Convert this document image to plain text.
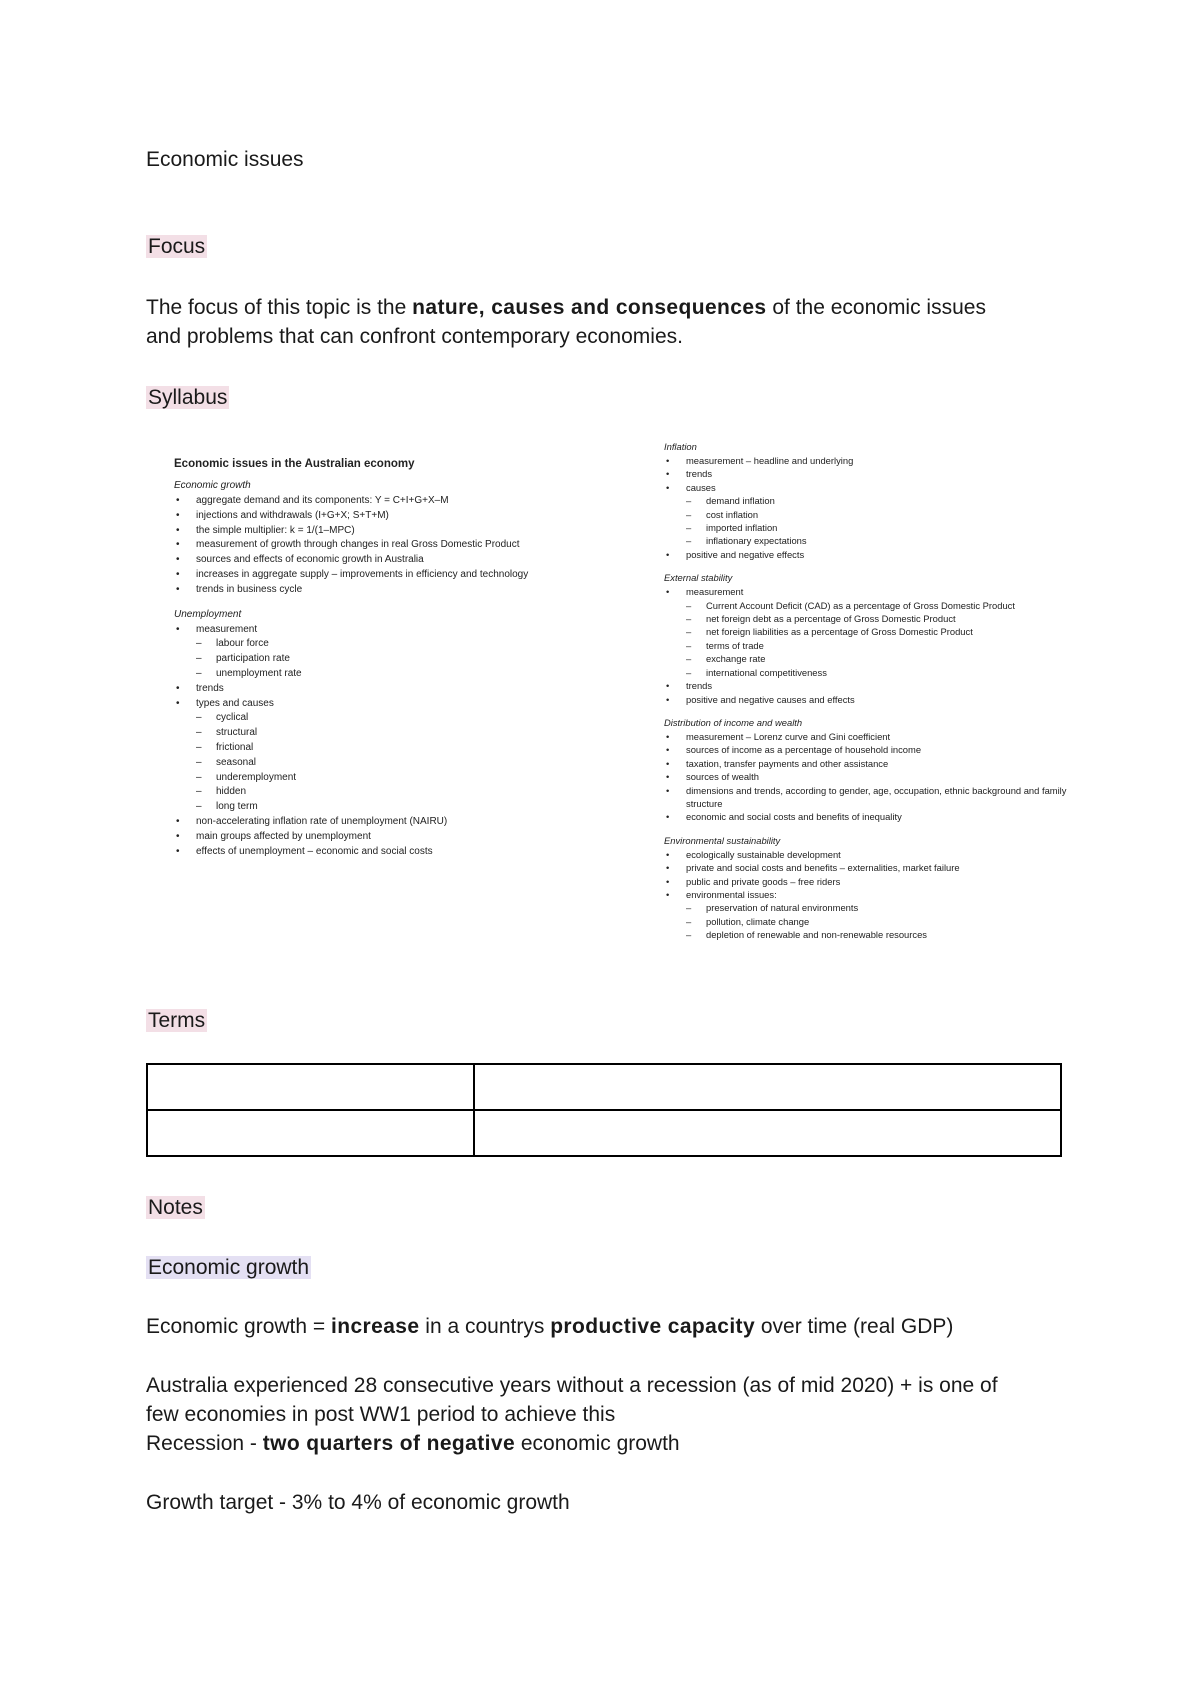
Economic issues
Focus
The focus of this topic is the nature, causes and consequences of the economic issues
and problems that can confront contemporary economies.
Syllabus
Economic issues in the Australian economy
Economic growth
• aggregate demand and its components: Y = C+I+G+X–M
• injections and withdrawals (I+G+X; S+T+M)
• the simple multiplier: k = 1/(1–MPC)
• measurement of growth through changes in real Gross Domestic Product
• sources and effects of economic growth in Australia
• increases in aggregate supply – improvements in efficiency and technology
• trends in business cycle
Unemployment
• measurement
– labour force
– participation rate
– unemployment rate
• trends
• types and causes
– cyclical
– structural
– frictional
– seasonal
– underemployment
– hidden
– long term
• non-accelerating inflation rate of unemployment (NAIRU)
• main groups affected by unemployment
• effects of unemployment – economic and social costs
Inflation
• measurement – headline and underlying
• trends
• causes
– demand inflation
– cost inflation
– imported inflation
– inflationary expectations
• positive and negative effects
External stability
• measurement
– Current Account Deficit (CAD) as a percentage of Gross Domestic Product
– net foreign debt as a percentage of Gross Domestic Product
– net foreign liabilities as a percentage of Gross Domestic Product
– terms of trade
– exchange rate
– international competitiveness
• trends
• positive and negative causes and effects
Distribution of income and wealth
• measurement – Lorenz curve and Gini coefficient
• sources of income as a percentage of household income
• taxation, transfer payments and other assistance
• sources of wealth
• dimensions and trends, according to gender, age, occupation, ethnic background and family structure
• economic and social costs and benefits of inequality
Environmental sustainability
• ecologically sustainable development
• private and social costs and benefits – externalities, market failure
• public and private goods – free riders
• environmental issues:
– preservation of natural environments
– pollution, climate change
– depletion of renewable and non-renewable resources
Terms

Notes
Economic growth
Economic growth = increase in a countrys productive capacity over time (real GDP)
Australia experienced 28 consecutive years without a recession (as of mid 2020) + is one of
few economies in post WW1 period to achieve this
Recession - two quarters of negative economic growth
Growth target - 3% to 4% of economic growth
